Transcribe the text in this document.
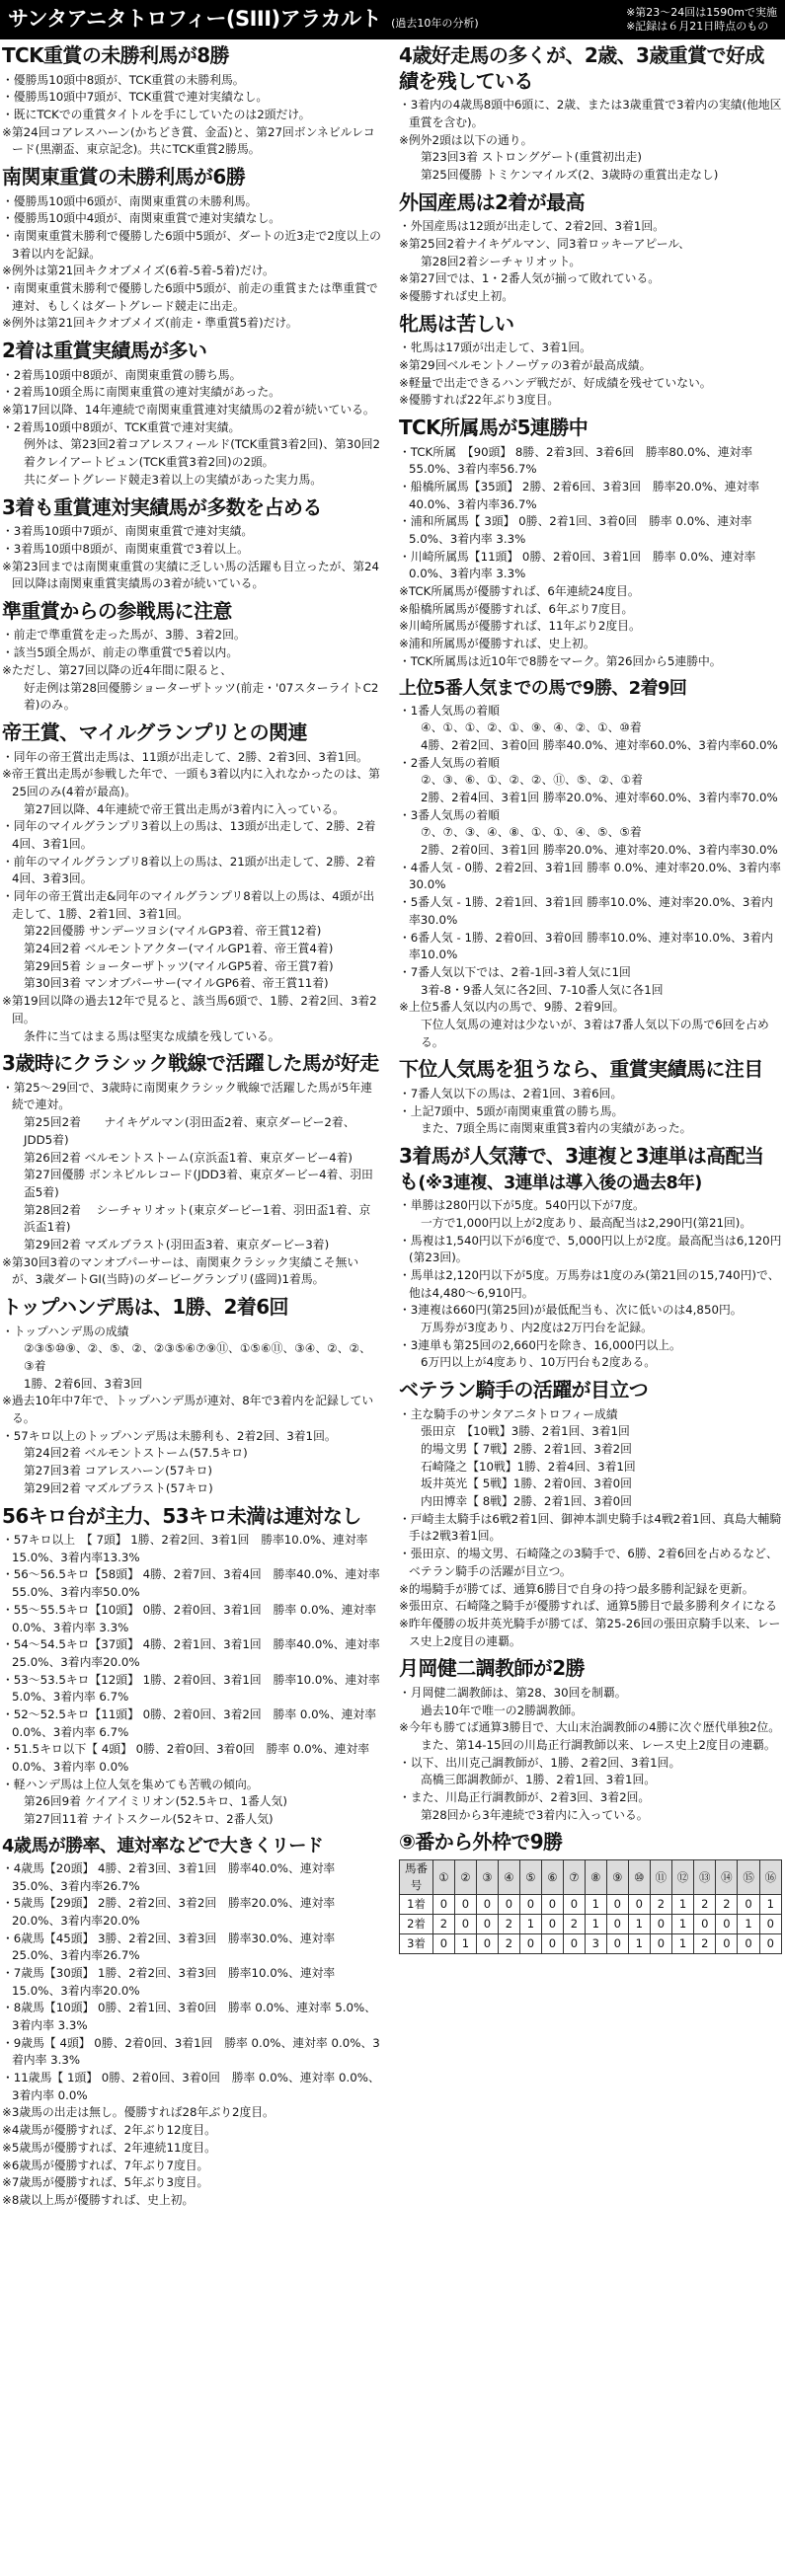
サンタアニタトロフィー(SIII)アラカルト (過去10年の分析)
※第23～24回は1590mで実施
※記録は６月21日時点のもの
TCK重賞の未勝利馬が8勝

・優勝馬10頭中8頭が、TCK重賞の未勝利馬。

・優勝馬10頭中7頭が、TCK重賞で連対実績なし。

・既にTCKでの重賞タイトルを手にしていたのは2頭だけ。

※第24回コアレスハーン(かちどき賞、金盃)と、第27回ボンネビルレコード(黒潮盃、東京記念)。共にTCK重賞2勝馬。

南関東重賞の未勝利馬が6勝

・優勝馬10頭中6頭が、南関東重賞の未勝利馬。

・優勝馬10頭中4頭が、南関東重賞で連対実績なし。

・南関東重賞未勝利で優勝した6頭中5頭が、ダートの近3走で2度以上の3着以内を記録。

※例外は第21回キクオブメイズ(6着-5着-5着)だけ。

・南関東重賞未勝利で優勝した6頭中5頭が、前走の重賞または準重賞で連対、もしくはダートグレード競走に出走。

※例外は第21回キクオブメイズ(前走・準重賞5着)だけ。

2着は重賞実績馬が多い

・2着馬10頭中8頭が、南関東重賞の勝ち馬。

・2着馬10頭全馬に南関東重賞の連対実績があった。

※第17回以降、14年連続で南関東重賞連対実績馬の2着が続いている。

・2着馬10頭中8頭が、TCK重賞で連対実績。

例外は、第23回2着コアレスフィールド(TCK重賞3着2回)、第30回2着クレイアートビュン(TCK重賞3着2回)の2頭。

共にダートグレード競走3着以上の実績があった実力馬。

3着も重賞連対実績馬が多数を占める

・3着馬10頭中7頭が、南関東重賞で連対実績。

・3着馬10頭中8頭が、南関東重賞で3着以上。

※第23回までは南関東重賞の実績に乏しい馬の活躍も目立ったが、第24回以降は南関東重賞実績馬の3着が続いている。

準重賞からの参戦馬に注意

・前走で準重賞を走った馬が、3勝、3着2回。

・該当5頭全馬が、前走の準重賞で5着以内。

※ただし、第27回以降の近4年間に限ると、

好走例は第28回優勝ショーターザトッツ(前走・'07スターライトC2着)のみ。

帝王賞、マイルグランプリとの関連

・同年の帝王賞出走馬は、11頭が出走して、2勝、2着3回、3着1回。

※帝王賞出走馬が参戦した年で、一頭も3着以内に入れなかったのは、第25回のみ(4着が最高)。

第27回以降、4年連続で帝王賞出走馬が3着内に入っている。

・同年のマイルグランプリ3着以上の馬は、13頭が出走して、2勝、2着4回、3着1回。

・前年のマイルグランプリ8着以上の馬は、21頭が出走して、2勝、2着4回、3着3回。

・同年の帝王賞出走&同年のマイルグランプリ8着以上の馬は、4頭が出走して、1勝、2着1回、3着1回。

第22回優勝 サンデーツヨシ(マイルGP3着、帝王賞12着)

第24回2着 ベルモントアクター(マイルGP1着、帝王賞4着)

第29回5着 ショーターザトッツ(マイルGP5着、帝王賞7着)

第30回3着 マンオブパーサー(マイルGP6着、帝王賞11着)

※第19回以降の過去12年で見ると、該当馬6頭で、1勝、2着2回、3着2回。

条件に当てはまる馬は堅実な成績を残している。

3歳時にクラシック戦線で活躍した馬が好走

・第25～29回で、3歳時に南関東クラシック戦線で活躍した馬が5年連続で連対。

第25回2着　　ナイキゲルマン(羽田盃2着、東京ダービー2着、JDD5着)

第26回2着 ベルモントストーム(京浜盃1着、東京ダービー4着)

第27回優勝 ボンネビルレコード(JDD3着、東京ダービー4着、羽田盃5着)

第28回2着　 シーチャリオット(東京ダービー1着、羽田盃1着、京浜盃1着)

第29回2着 マズルブラスト(羽田盃3着、東京ダービー3着)

※第30回3着のマンオブパーサーは、南関東クラシック実績こそ無いが、3歳ダートGⅠ(当時)のダービーグランプリ(盛岡)1着馬。

トップハンデ馬は、1勝、2着6回

・トップハンデ馬の成績

②③⑤⑩⑨、②、⑤、②、②③⑤⑥⑦⑨⑪、①⑤⑥⑪、③④、②、②、③着

1勝、2着6回、3着3回

※過去10年中7年で、トップハンデ馬が連対、8年で3着内を記録している。

・57キロ以上のトップハンデ馬は未勝利も、2着2回、3着1回。

第24回2着 ベルモントストーム(57.5キロ)

第27回3着 コアレスハーン(57キロ)

第29回2着 マズルブラスト(57キロ)

56キロ台が主力、53キロ未満は連対なし

・57キロ以上　【 7頭】 1勝、2着2回、3着1回　勝率10.0%、連対率15.0%、3着内率13.3%

・56～56.5キロ【58頭】 4勝、2着7回、3着4回　勝率40.0%、連対率55.0%、3着内率50.0%

・55～55.5キロ【10頭】 0勝、2着0回、3着1回　勝率 0.0%、連対率 0.0%、3着内率 3.3%

・54～54.5キロ【37頭】 4勝、2着1回、3着1回　勝率40.0%、連対率25.0%、3着内率20.0%

・53～53.5キロ【12頭】 1勝、2着0回、3着1回　勝率10.0%、連対率 5.0%、3着内率 6.7%

・52～52.5キロ【11頭】 0勝、2着0回、3着2回　勝率 0.0%、連対率 0.0%、3着内率 6.7%

・51.5キロ以下【 4頭】 0勝、2着0回、3着0回　勝率 0.0%、連対率 0.0%、3着内率 0.0%

・軽ハンデ馬は上位人気を集めても苦戦の傾向。

第26回9着 ケイアイミリオン(52.5キロ、1番人気)

第27回11着 ナイトスクール(52キロ、2番人気)

4歳馬が勝率、連対率などで大きくリード

・4歳馬【20頭】 4勝、2着3回、3着1回　勝率40.0%、連対率35.0%、3着内率26.7%

・5歳馬【29頭】 2勝、2着2回、3着2回　勝率20.0%、連対率20.0%、3着内率20.0%

・6歳馬【45頭】 3勝、2着2回、3着3回　勝率30.0%、連対率25.0%、3着内率26.7%

・7歳馬【30頭】 1勝、2着2回、3着3回　勝率10.0%、連対率15.0%、3着内率20.0%

・8歳馬【10頭】 0勝、2着1回、3着0回　勝率 0.0%、連対率 5.0%、3着内率 3.3%

・9歳馬【 4頭】 0勝、2着0回、3着1回　勝率 0.0%、連対率 0.0%、3着内率 3.3%

・11歳馬【 1頭】 0勝、2着0回、3着0回　勝率 0.0%、連対率 0.0%、3着内率 0.0%

※3歳馬の出走は無し。優勝すれば28年ぶり2度目。

※4歳馬が優勝すれば、2年ぶり12度目。

※5歳馬が優勝すれば、2年連続11度目。

※6歳馬が優勝すれば、7年ぶり7度目。

※7歳馬が優勝すれば、5年ぶり3度目。

※8歳以上馬が優勝すれば、史上初。

4歳好走馬の多くが、2歳、3歳重賞で好成績を残している

・3着内の4歳馬8頭中6頭に、2歳、または3歳重賞で3着内の実績(他地区重賞を含む)。

※例外2頭は以下の通り。

第23回3着 ストロングゲート(重賞初出走)

第25回優勝 トミケンマイルズ(2、3歳時の重賞出走なし)

外国産馬は2着が最高

・外国産馬は12頭が出走して、2着2回、3着1回。

※第25回2着ナイキゲルマン、同3着ロッキーアピール、

第28回2着シーチャリオット。

※第27回では、1・2番人気が揃って敗れている。

※優勝すれば史上初。

牝馬は苦しい

・牝馬は17頭が出走して、3着1回。

※第29回ベルモントノーヴァの3着が最高成績。

※軽量で出走できるハンデ戦だが、好成績を残せていない。

※優勝すれば22年ぶり3度目。

TCK所属馬が5連勝中

・TCK所属　【90頭】 8勝、2着3回、3着6回　勝率80.0%、連対率55.0%、3着内率56.7%

・船橋所属馬【35頭】 2勝、2着6回、3着3回　勝率20.0%、連対率40.0%、3着内率36.7%

・浦和所属馬【 3頭】 0勝、2着1回、3着0回　勝率 0.0%、連対率 5.0%、3着内率 3.3%

・川崎所属馬【11頭】 0勝、2着0回、3着1回　勝率 0.0%、連対率 0.0%、3着内率 3.3%

※TCK所属馬が優勝すれば、6年連続24度目。

※船橋所属馬が優勝すれば、6年ぶり7度目。

※川崎所属馬が優勝すれば、11年ぶり2度目。

※浦和所属馬が優勝すれば、史上初。

・TCK所属馬は近10年で8勝をマーク。第26回から5連勝中。

上位5番人気までの馬で9勝、2着9回

・1番人気馬の着順

④、①、①、②、①、⑨、④、②、①、⑩着

4勝、2着2回、3着0回 勝率40.0%、連対率60.0%、3着内率60.0%

・2番人気馬の着順

②、③、⑥、①、②、②、⑪、⑤、②、①着

2勝、2着4回、3着1回 勝率20.0%、連対率60.0%、3着内率70.0%

・3番人気馬の着順

⑦、⑦、③、④、⑧、①、①、④、⑤、⑤着

2勝、2着0回、3着1回 勝率20.0%、連対率20.0%、3着内率30.0%

・4番人気 - 0勝、2着2回、3着1回 勝率 0.0%、連対率20.0%、3着内率30.0%

・5番人気 - 1勝、2着1回、3着1回 勝率10.0%、連対率20.0%、3着内率30.0%

・6番人気 - 1勝、2着0回、3着0回 勝率10.0%、連対率10.0%、3着内率10.0%

・7番人気以下では、2着-1回-3着人気に1回

3着-8・9番人気に各2回、7-10番人気に各1回

※上位5番人気以内の馬で、9勝、2着9回。

下位人気馬の連対は少ないが、3着は7番人気以下の馬で6回を占める。

下位人気馬を狙うなら、重賞実績馬に注目

・7番人気以下の馬は、2着1回、3着6回。

・上記7頭中、5頭が南関東重賞の勝ち馬。

また、7頭全馬に南関東重賞3着内の実績があった。

3着馬が人気薄で、3連複と3連単は高配当も(※3連複、3連単は導入後の過去8年)

・単勝は280円以下が5度。540円以下が7度。

一方で1,000円以上が2度あり、最高配当は2,290円(第21回)。

・馬複は1,540円以下が6度で、5,000円以上が2度。最高配当は6,120円(第23回)。

・馬単は2,120円以下が5度。万馬券は1度のみ(第21回の15,740円)で、他は4,480～6,910円。

・3連複は660円(第25回)が最低配当も、次に低いのは4,850円。

万馬券が3度あり、内2度は2万円台を記録。

・3連単も第25回の2,660円を除き、16,000円以上。

6万円以上が4度あり、10万円台も2度ある。

ベテラン騎手の活躍が目立つ

・主な騎手のサンタアニタトロフィー成績

張田京　【10戦】3勝、2着1回、3着1回

的場文男【 7戦】2勝、2着1回、3着2回

石崎隆之【10戦】1勝、2着4回、3着1回

坂井英光【 5戦】1勝、2着0回、3着0回

内田博幸【 8戦】2勝、2着1回、3着0回

・戸崎圭太騎手は6戦2着1回、御神本訓史騎手は4戦2着1回、真島大輔騎手は2戦3着1回。

・張田京、的場文男、石崎隆之の3騎手で、6勝、2着6回を占めるなど、ベテラン騎手の活躍が目立つ。

※的場騎手が勝てば、通算6勝目で自身の持つ最多勝利記録を更新。

※張田京、石崎隆之騎手が優勝すれば、通算5勝目で最多勝利タイになる

※昨年優勝の坂井英光騎手が勝てば、第25-26回の張田京騎手以来、レース史上2度目の連覇。

月岡健二調教師が2勝

・月岡健二調教師は、第28、30回を制覇。

過去10年で唯一の2勝調教師。

※今年も勝てば通算3勝目で、大山末治調教師の4勝に次ぐ歴代単独2位。

また、第14-15回の川島正行調教師以来、レース史上2度目の連覇。

・以下、出川克己調教師が、1勝、2着2回、3着1回。

高橋三郎調教師が、1勝、2着1回、3着1回。

・また、川島正行調教師が、2着3回、3着2回。

第28回から3年連続で3着内に入っている。

⑨番から外枠で9勝
馬番号	①	②	③	④	⑤	⑥	⑦	⑧	⑨	⑩	⑪	⑫	⑬	⑭	⑮	⑯
1着	0	0	0	0	0	0	0	1	0	0	2	1	2	2	0	1
2着	2	0	0	2	1	0	2	1	0	1	0	1	0	0	1	0
3着	0	1	0	2	0	0	0	3	0	1	0	1	2	0	0	0
